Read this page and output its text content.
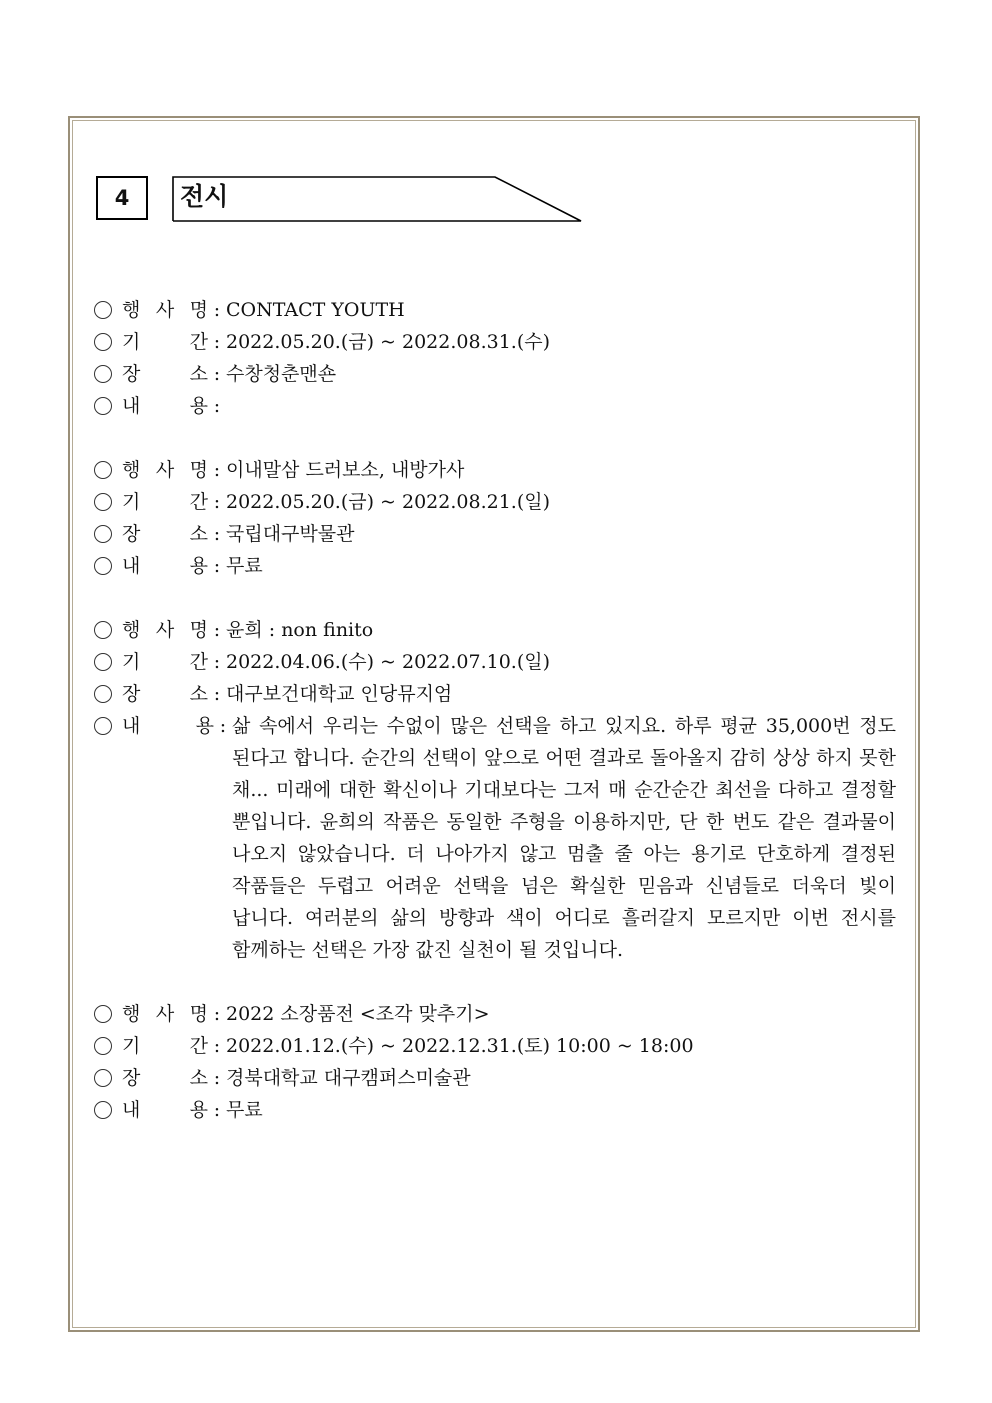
4	전시
행 사 명 : CONTACT YOUTH
기	간 : 2022.05.20.(금) ~ 2022.08.31.(수)
장	소 : 수창청춘맨숀
내	용 :
행 사 명 : 이내말삼 드러보소, 내방가사
기	간 : 2022.05.20.(금) ~ 2022.08.21.(일)
장	소 : 국립대구박물관
내	용 : 무료
행 사 명 : 윤희 : non finito
기	간 : 2022.04.06.(수) ~ 2022.07.10.(일)
장	소 : 대구보건대학교 인당뮤지엄
내	용 : 삶 속에서 우리는 수없이 많은 선택을 하고 있지요. 하루 평균 35,000번 정도 된다고 합니다. 순간의 선택이 앞으로 어떤 결과로 돌아올지 감히 상상 하지 못한 채... 미래에 대한 확신이나 기대보다는 그저 매 순간순간 최선을 다하고 결정할 뿐입니다. 윤희의 작품은 동일한 주형을 이용하지만, 단 한 번도 같은 결과물이 나오지 않았습니다. 더 나아가지 않고 멈출 줄 아는 용기로 단호하게 결정된 작품들은 두렵고 어려운 선택을 넘은 확실한 믿음과 신념들로 더욱더 빛이 납니다. 여러분의 삶의 방향과 색이 어디로 흘러갈지 모르지만 이번 전시를 함께하는 선택은 가장 값진 실천이 될 것입니다.
행 사 명 : 2022 소장품전 <조각 맞추기>
기	간 : 2022.01.12.(수) ~ 2022.12.31.(토) 10:00 ~ 18:00
장	소 : 경북대학교 대구캠퍼스미술관
내	용 : 무료
